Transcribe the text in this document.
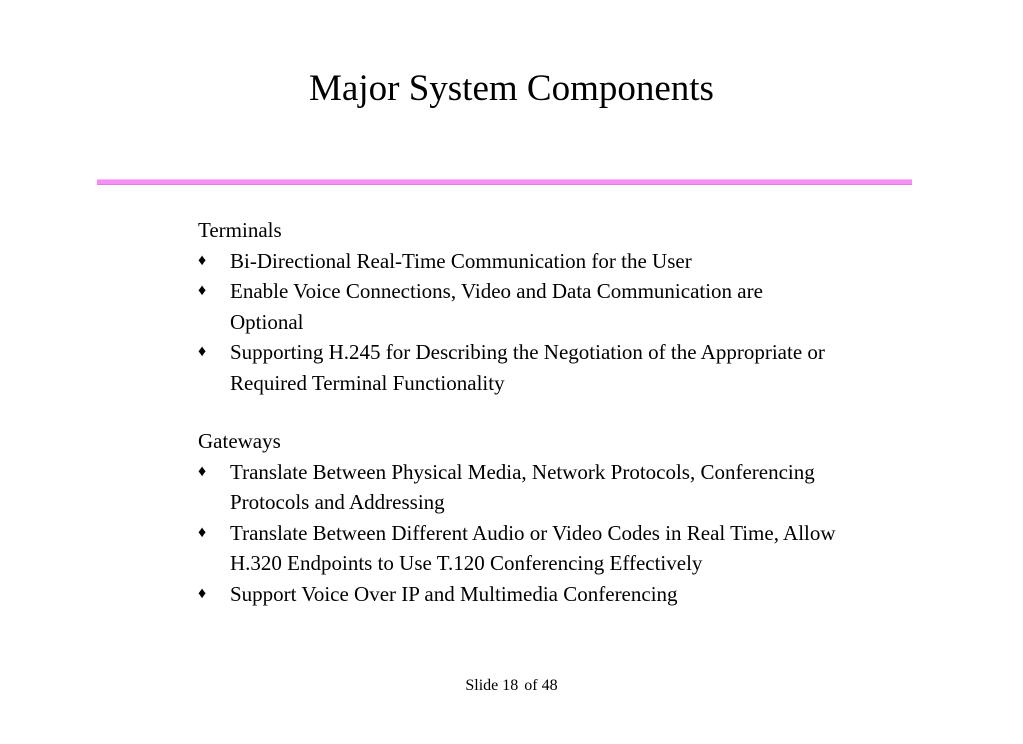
Major System Components
Terminals
♦	Bi-Directional Real-Time Communication for the User
♦	Enable Voice Connections, Video and Data Communication are Optional
♦	Supporting H.245 for Describing the Negotiation of the Appropriate or Required Terminal Functionality
Gateways
♦	Translate Between Physical Media, Network Protocols, Conferencing Protocols and Addressing
♦	Translate Between Different Audio or Video Codes in Real Time, Allow H.320 Endpoints to Use T.120 Conferencing Effectively
♦	Support Voice Over IP and Multimedia Conferencing
Slide 18 of 48
